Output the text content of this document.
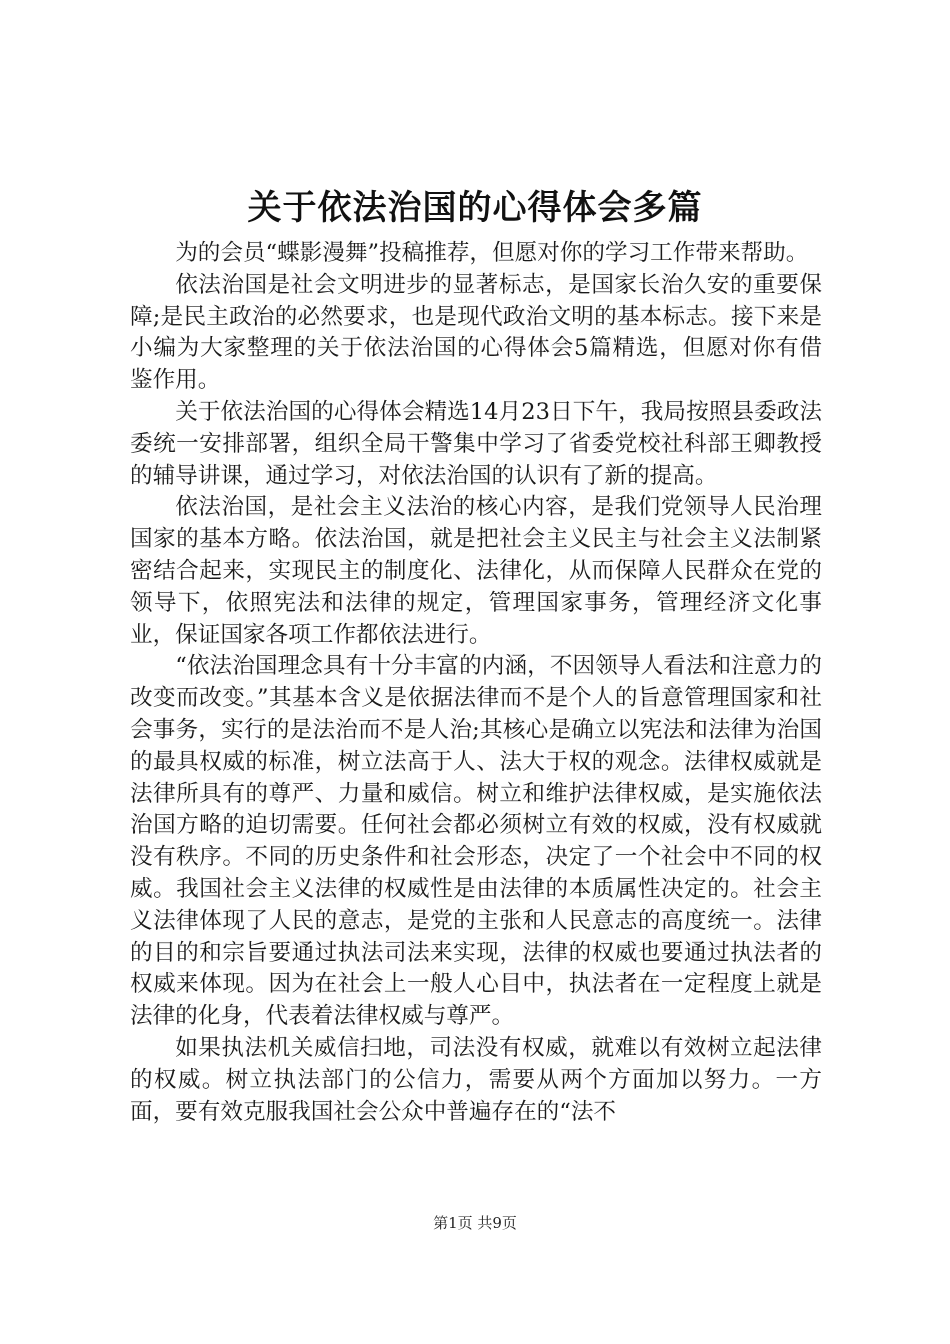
关于依法治国的心得体会多篇

为的会员“蝶影漫舞”投稿推荐，但愿对你的学习工作带来帮助。

依法治国是社会文明进步的显著标志，是国家长治久安的重要保障;是民主政治的必然要求，也是现代政治文明的基本标志。接下来是小编为大家整理的关于依法治国的心得体会5篇精选，但愿对你有借鉴作用。

关于依法治国的心得体会精选14月23日下午，我局按照县委政法委统一安排部署，组织全局干警集中学习了省委党校社科部王卿教授的辅导讲课，通过学习，对依法治国的认识有了新的提高。

依法治国，是社会主义法治的核心内容，是我们党领导人民治理国家的基本方略。依法治国，就是把社会主义民主与社会主义法制紧密结合起来，实现民主的制度化、法律化，从而保障人民群众在党的领导下，依照宪法和法律的规定，管理国家事务，管理经济文化事业，保证国家各项工作都依法进行。

“依法治国理念具有十分丰富的内涵，不因领导人看法和注意力的改变而改变。”其基本含义是依据法律而不是个人的旨意管理国家和社会事务，实行的是法治而不是人治;其核心是确立以宪法和法律为治国的最具权威的标准，树立法高于人、法大于权的观念。法律权威就是法律所具有的尊严、力量和威信。树立和维护法律权威，是实施依法治国方略的迫切需要。任何社会都必须树立有效的权威，没有权威就没有秩序。不同的历史条件和社会形态，决定了一个社会中不同的权威。我国社会主义法律的权威性是由法律的本质属性决定的。社会主义法律体现了人民的意志，是党的主张和人民意志的高度统一。法律的目的和宗旨要通过执法司法来实现，法律的权威也要通过执法者的权威来体现。因为在社会上一般人心目中，执法者在一定程度上就是法律的化身，代表着法律权威与尊严。

如果执法机关威信扫地，司法没有权威，就难以有效树立起法律的权威。树立执法部门的公信力，需要从两个方面加以努力。一方面，要有效克服我国社会公众中普遍存在的“法不

第1页 共9页
